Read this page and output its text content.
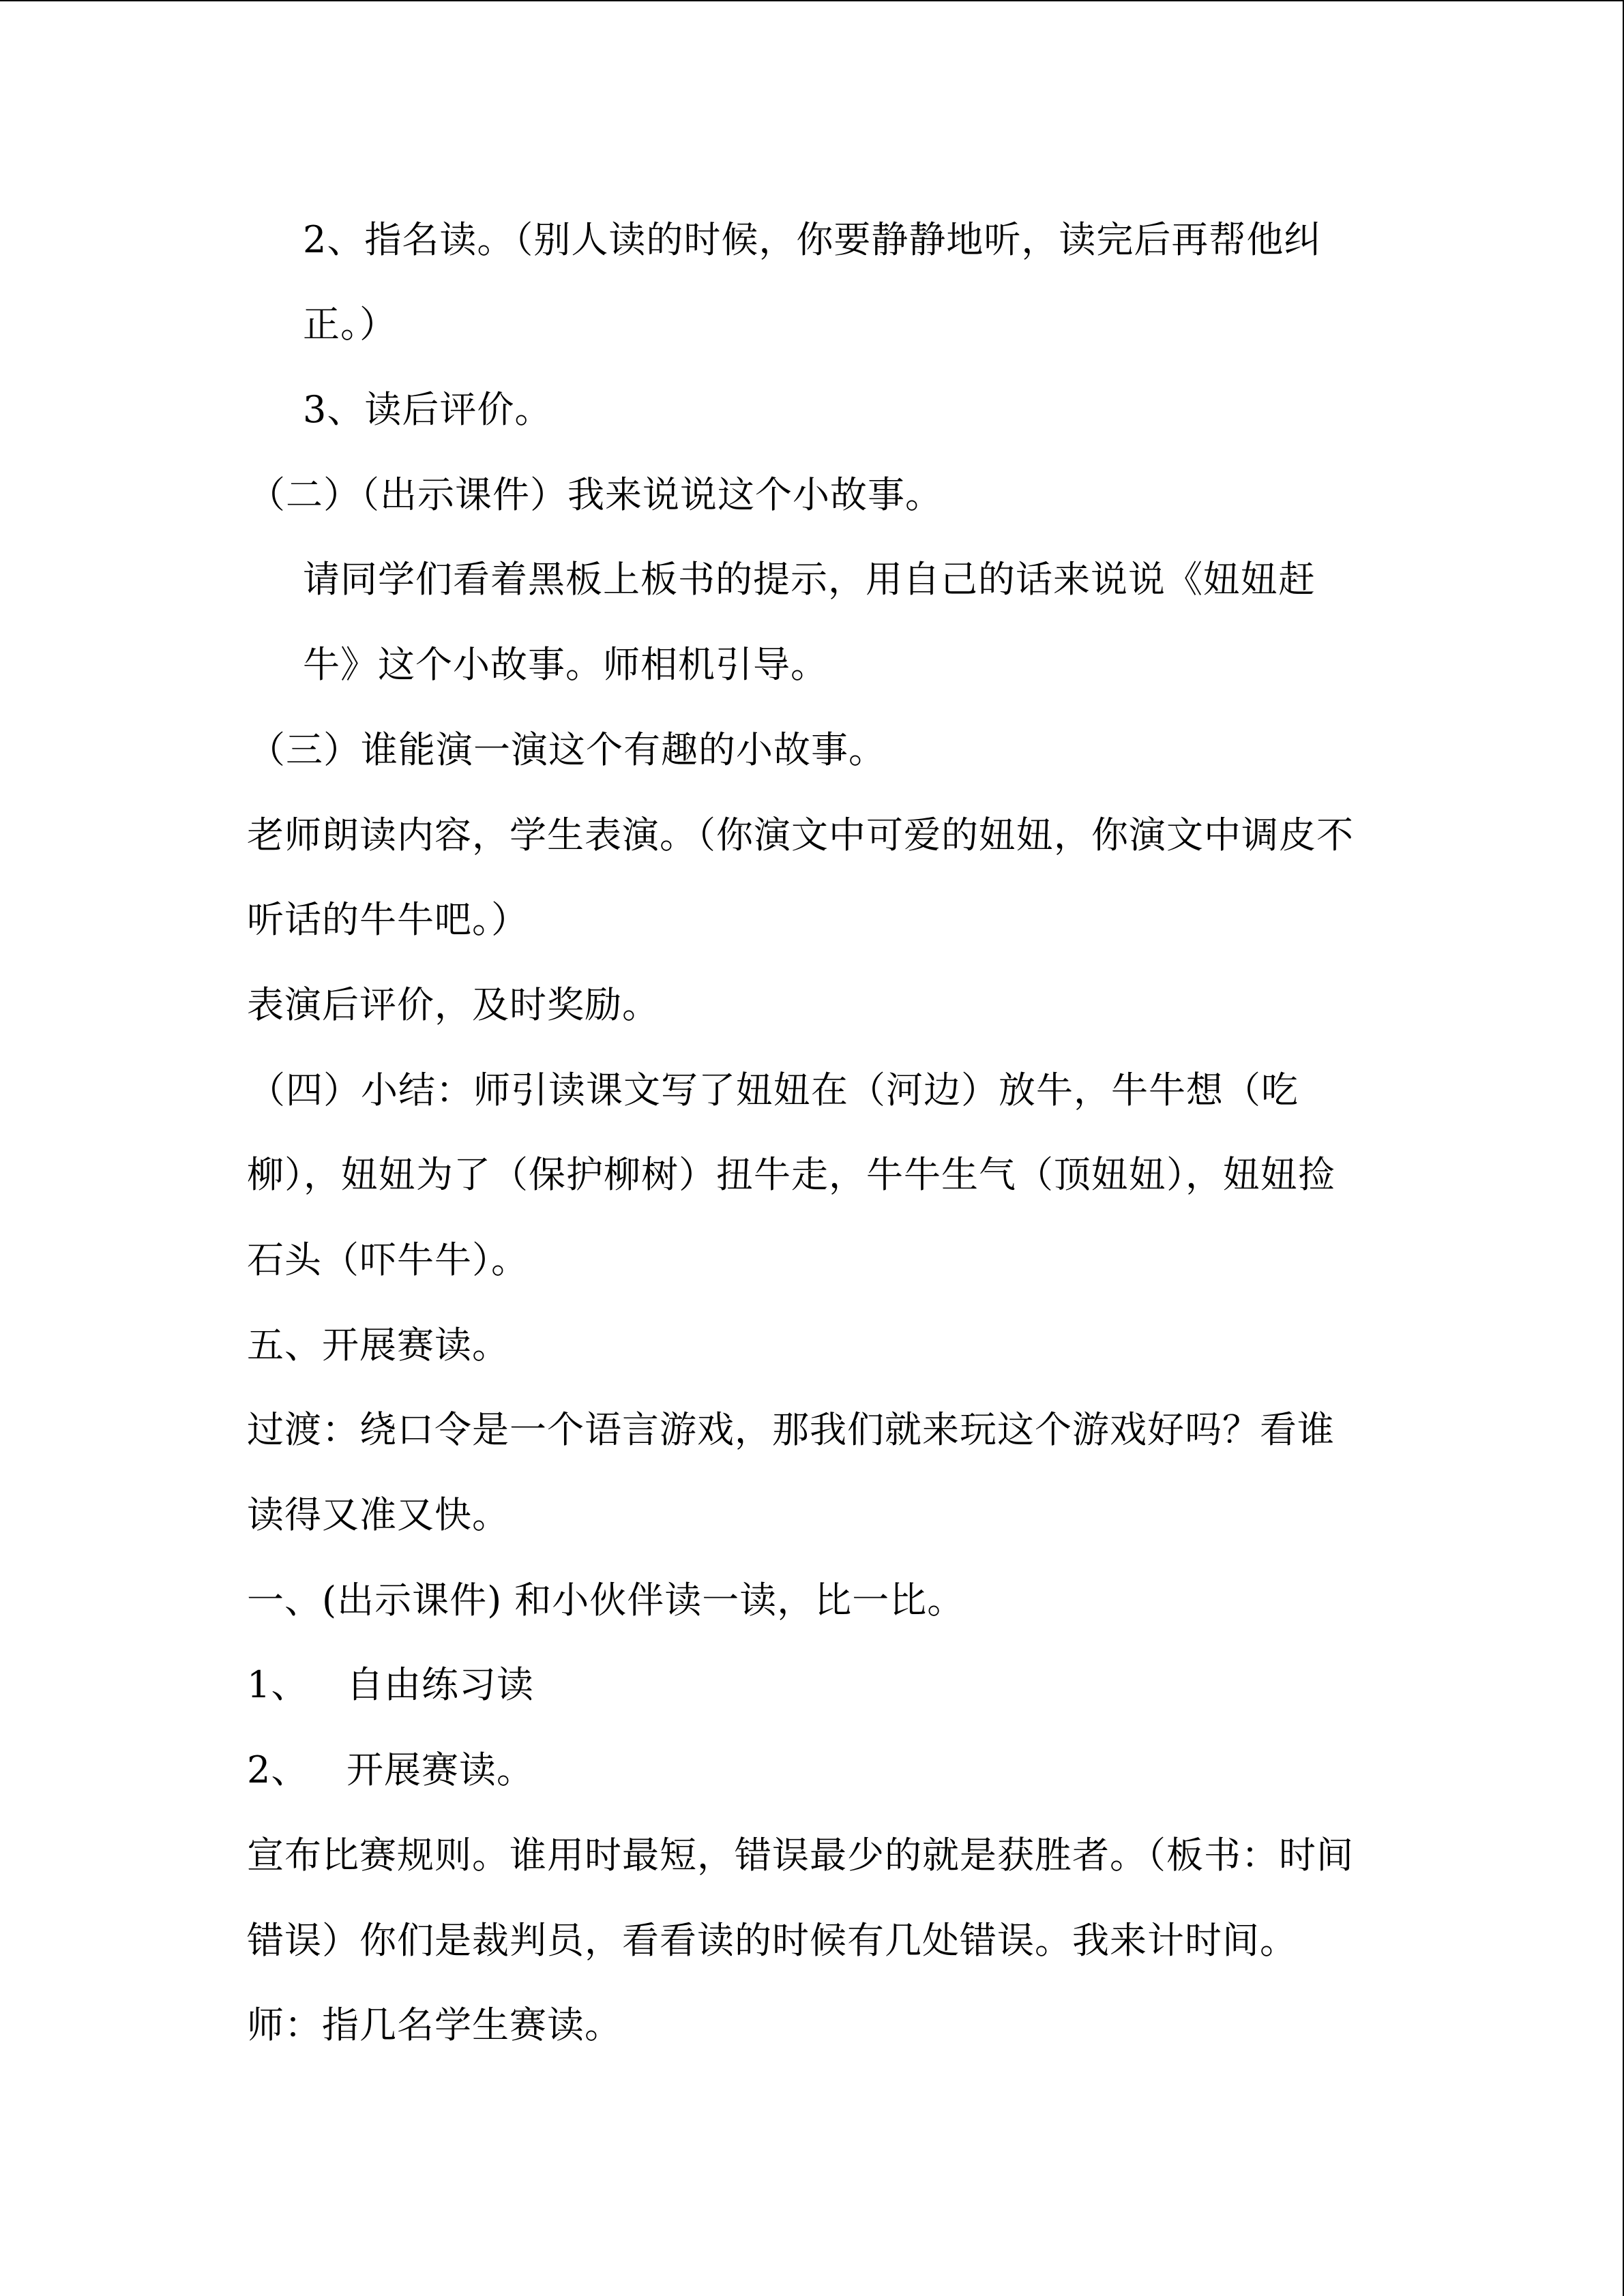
2、指名读。（别人读的时候，你要静静地听，读完后再帮他纠
正。）
3、读后评价。
（二）（出示课件）我来说说这个小故事。
请同学们看着黑板上板书的提示，用自己的话来说说《妞妞赶
牛》这个小故事。师相机引导。
（三）谁能演一演这个有趣的小故事。
老师朗读内容，学生表演。（你演文中可爱的妞妞，你演文中调皮不
听话的牛牛吧。）
表演后评价，及时奖励。
（四）小结：师引读课文写了妞妞在（河边）放牛，牛牛想（吃
柳），妞妞为了（保护柳树）扭牛走，牛牛生气（顶妞妞），妞妞捡
石头（吓牛牛）。
五、开展赛读。
过渡：绕口令是一个语言游戏，那我们就来玩这个游戏好吗？看谁
读得又准又快。
一、(出示课件) 和小伙伴读一读，比一比。
1、 自由练习读
2、 开展赛读。
宣布比赛规则。谁用时最短，错误最少的就是获胜者。（板书：时间
错误）你们是裁判员，看看读的时候有几处错误。我来计时间。
师：指几名学生赛读。
